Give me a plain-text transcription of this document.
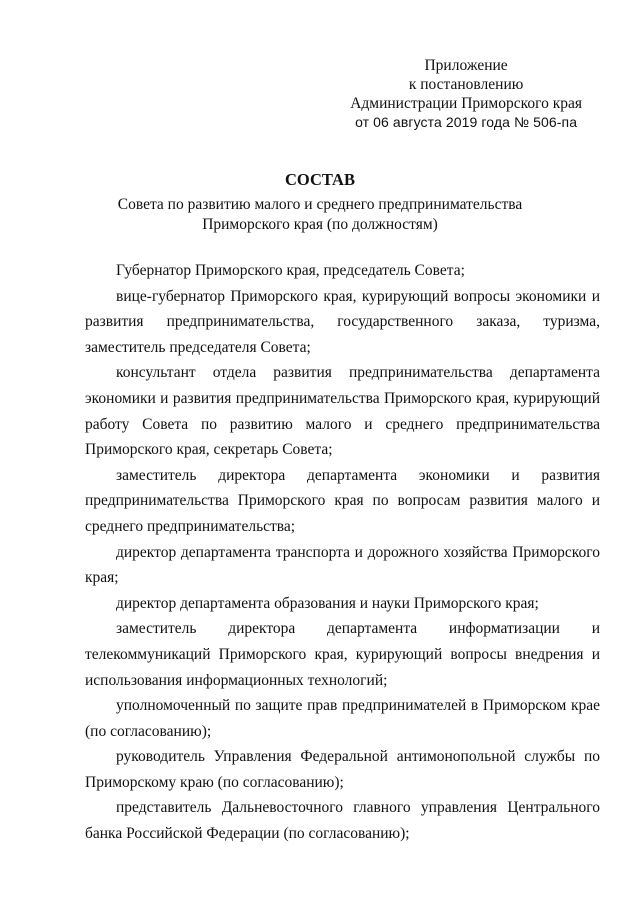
Приложение
к постановлению
Администрации Приморского края
от 06 августа 2019 года № 506-па
СОСТАВ
Совета по развитию малого и среднего предпринимательства
Приморского края (по должностям)

Губернатор Приморского края, председатель Совета;

вице-губернатор Приморского края, курирующий вопросы экономики и развития предпринимательства, государственного заказа, туризма, заместитель председателя Совета;

консультант отдела развития предпринимательства департамента экономики и развития предпринимательства Приморского края, курирующий работу Совета по развитию малого и среднего предпринимательства Приморского края, секретарь Совета;

заместитель директора департамента экономики и развития предпринимательства Приморского края по вопросам развития малого и среднего предпринимательства;

директор департамента транспорта и дорожного хозяйства Приморского края;

директор департамента образования и науки Приморского края;

заместитель директора департамента информатизации и телекоммуникаций Приморского края, курирующий вопросы внедрения и использования информационных технологий;

уполномоченный по защите прав предпринимателей в Приморском крае (по согласованию);

руководитель Управления Федеральной антимонопольной службы по Приморскому краю (по согласованию);

представитель Дальневосточного главного управления Центрального банка Российской Федерации (по согласованию);
